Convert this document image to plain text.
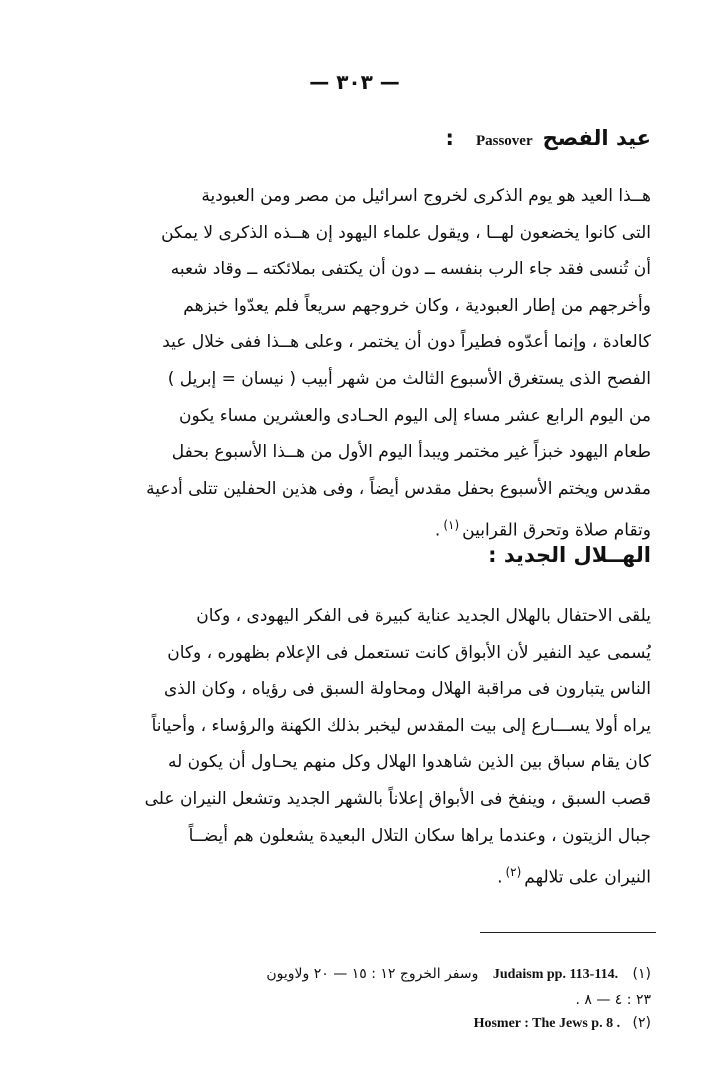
— ٣٠٣ —
عيد الفصحPassover:
هــذا العيد هو يوم الذكرى لخروج اسرائيل من مصر ومن العبودية
التى كانوا يخضعون لهــا ، ويقول علماء اليهود إن هــذه الذكرى لا يمكن
أن تُنسى فقد جاء الرب بنفسه ــ دون أن يكتفى بملائكته ــ وقاد شعبه
وأخرجهم من إطار العبودية ، وكان خروجهم سريعاً فلم يعدّوا خبزهم
كالعادة ، وإنما أعدّوه فطيراً دون أن يختمر ، وعلى هــذا ففى خلال عيد
الفصح الذى يستغرق الأسبوع الثالث من شهر أبيب ( نيسان = إبريل )
من اليوم الرابع عشر مساء إلى اليوم الحـادى والعشرين مساء يكون
طعام اليهود خبزاً غير مختمر ويبدأ اليوم الأول من هــذا الأسبوع بحفل
مقدس ويختم الأسبوع بحفل مقدس أيضاً ، وفى هذين الحفلين تتلى أدعية
وتقام صلاة وتحرق القرابين$^{(١)}$.
الهــلال الجديد :
يلقى الاحتفال بالهلال الجديد عناية كبيرة فى الفكر اليهودى ، وكان
يُسمى عيد النفير لأن الأبواق كانت تستعمل فى الإعلام بظهوره ، وكان
الناس يتبارون فى مراقبة الهلال ومحاولة السبق فى رؤياه ، وكان الذى
يراه أولا يســـارع إلى بيت المقدس ليخبر بذلك الكهنة والرؤساء ، وأحياناً
كان يقام سباق بين الذين شاهدوا الهلال وكل منهم يحـاول أن يكون له
قصب السبق ، وينفخ فى الأبواق إعلاناً بالشهر الجديد وتشعل النيران على
جبال الزيتون ، وعندما يراها سكان التلال البعيدة يشعلون هم أيضــاً
النيران على تلالهم$^{(٢)}$.
(١) Judaism pp. 113-114. وسفر الخروج ١٢ : ١٥ — ٢٠ ولاويون
٢٣ : ٤ — ٨ .
(٢) Hosmer : The Jews p. 8 .
